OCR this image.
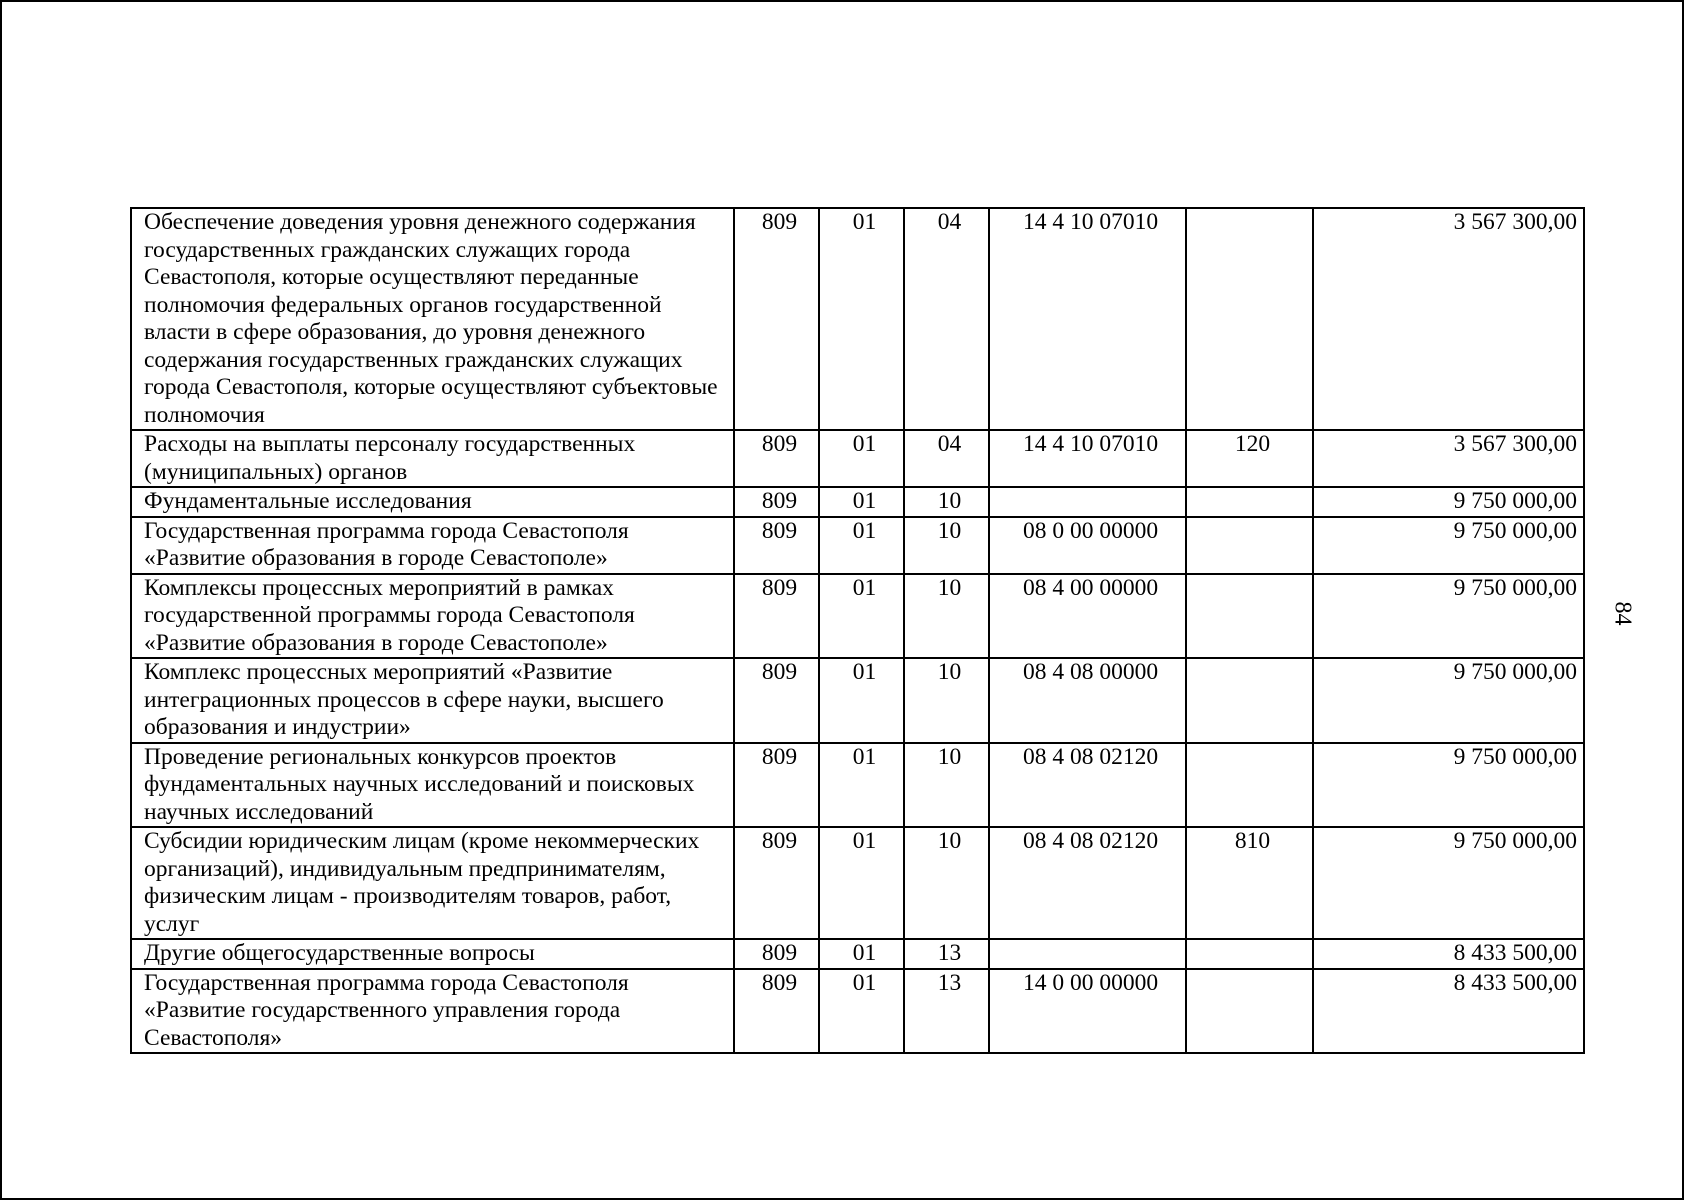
84
Обеспечение доведения уровня денежного содержания государственных гражданских служащих города Севастополя, которые осуществляют переданные полномочия федеральных органов государственной власти в сфере образования, до уровня денежного содержания государственных гражданских служащих города Севастополя, которые осуществляют субъектовые полномочия	809	01	04	14 4 10 07010		3 567 300,00
Расходы на выплаты персоналу государственных (муниципальных) органов	809	01	04	14 4 10 07010	120	3 567 300,00
Фундаментальные исследования	809	01	10			9 750 000,00
Государственная программа города Севастополя «Развитие образования в городе Севастополе»	809	01	10	08 0 00 00000		9 750 000,00
Комплексы процессных мероприятий в рамках государственной программы города Севастополя «Развитие образования в городе Севастополе»	809	01	10	08 4 00 00000		9 750 000,00
Комплекс процессных мероприятий «Развитие интеграционных процессов в сфере науки, высшего образования и индустрии»	809	01	10	08 4 08 00000		9 750 000,00
Проведение региональных конкурсов проектов фундаментальных научных исследований и поисковых научных исследований	809	01	10	08 4 08 02120		9 750 000,00
Субсидии юридическим лицам (кроме некоммерческих организаций), индивидуальным предпринимателям, физическим лицам - производителям товаров, работ, услуг	809	01	10	08 4 08 02120	810	9 750 000,00
Другие общегосударственные вопросы	809	01	13			8 433 500,00
Государственная программа города Севастополя «Развитие государственного управления города Севастополя»	809	01	13	14 0 00 00000		8 433 500,00
